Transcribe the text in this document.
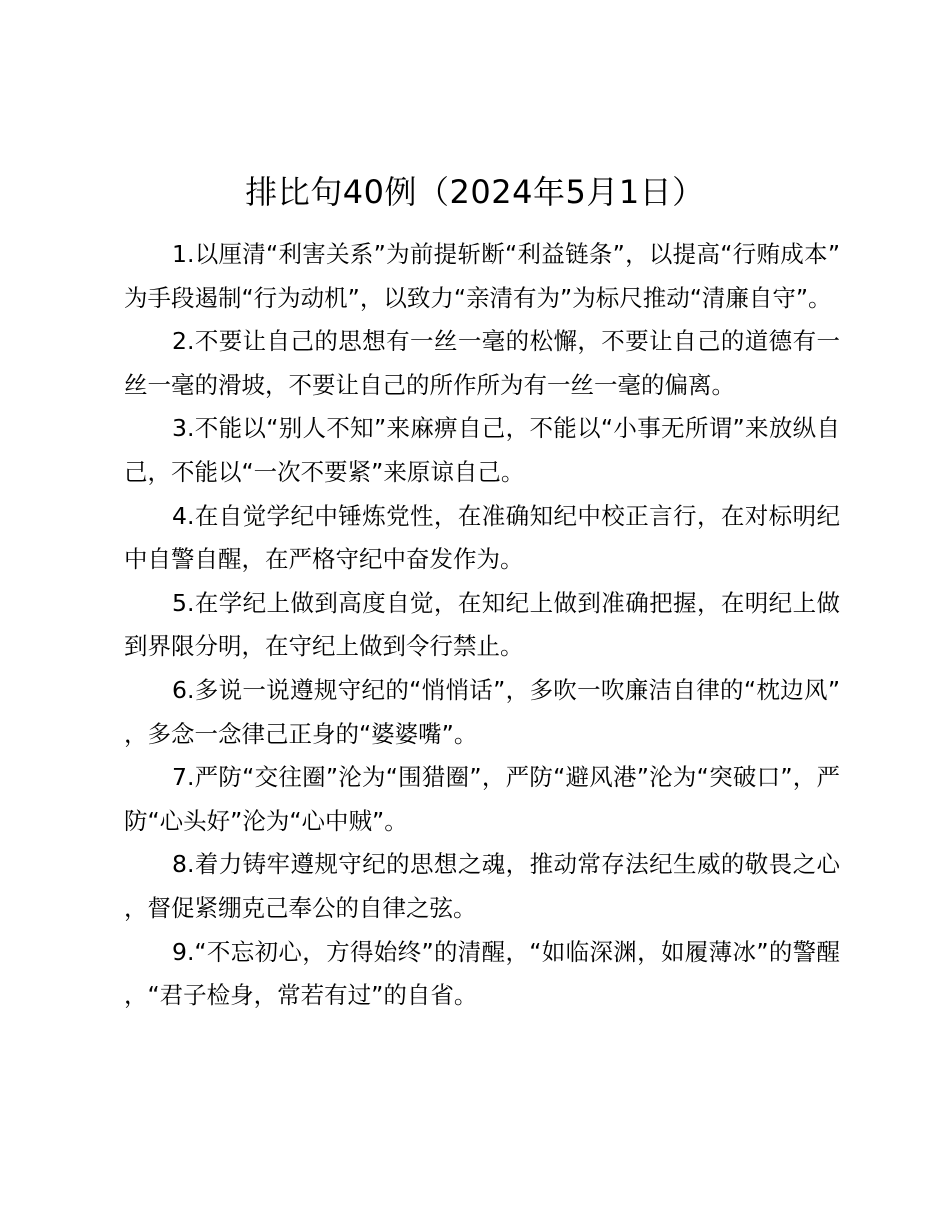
排比句40例（2024年5月1日）

1.以厘清“利害关系”为前提斩断“利益链条”，以提高“行贿成本”为手段遏制“行为动机”，以致力“亲清有为”为标尺推动“清廉自守”。

2.不要让自己的思想有一丝一毫的松懈，不要让自己的道德有一丝一毫的滑坡，不要让自己的所作所为有一丝一毫的偏离。

3.不能以“别人不知”来麻痹自己，不能以“小事无所谓”来放纵自己，不能以“一次不要紧”来原谅自己。

4.在自觉学纪中锤炼党性，在准确知纪中校正言行，在对标明纪中自警自醒，在严格守纪中奋发作为。

5.在学纪上做到高度自觉，在知纪上做到准确把握，在明纪上做到界限分明，在守纪上做到令行禁止。

6.多说一说遵规守纪的“悄悄话”，多吹一吹廉洁自律的“枕边风”，多念一念律己正身的“婆婆嘴”。

7.严防“交往圈”沦为“围猎圈”，严防“避风港”沦为“突破口”，严防“心头好”沦为“心中贼”。

8.着力铸牢遵规守纪的思想之魂，推动常存法纪生威的敬畏之心，督促紧绷克己奉公的自律之弦。

9.“不忘初心，方得始终”的清醒，“如临深渊，如履薄冰”的警醒，“君子检身，常若有过”的自省。
